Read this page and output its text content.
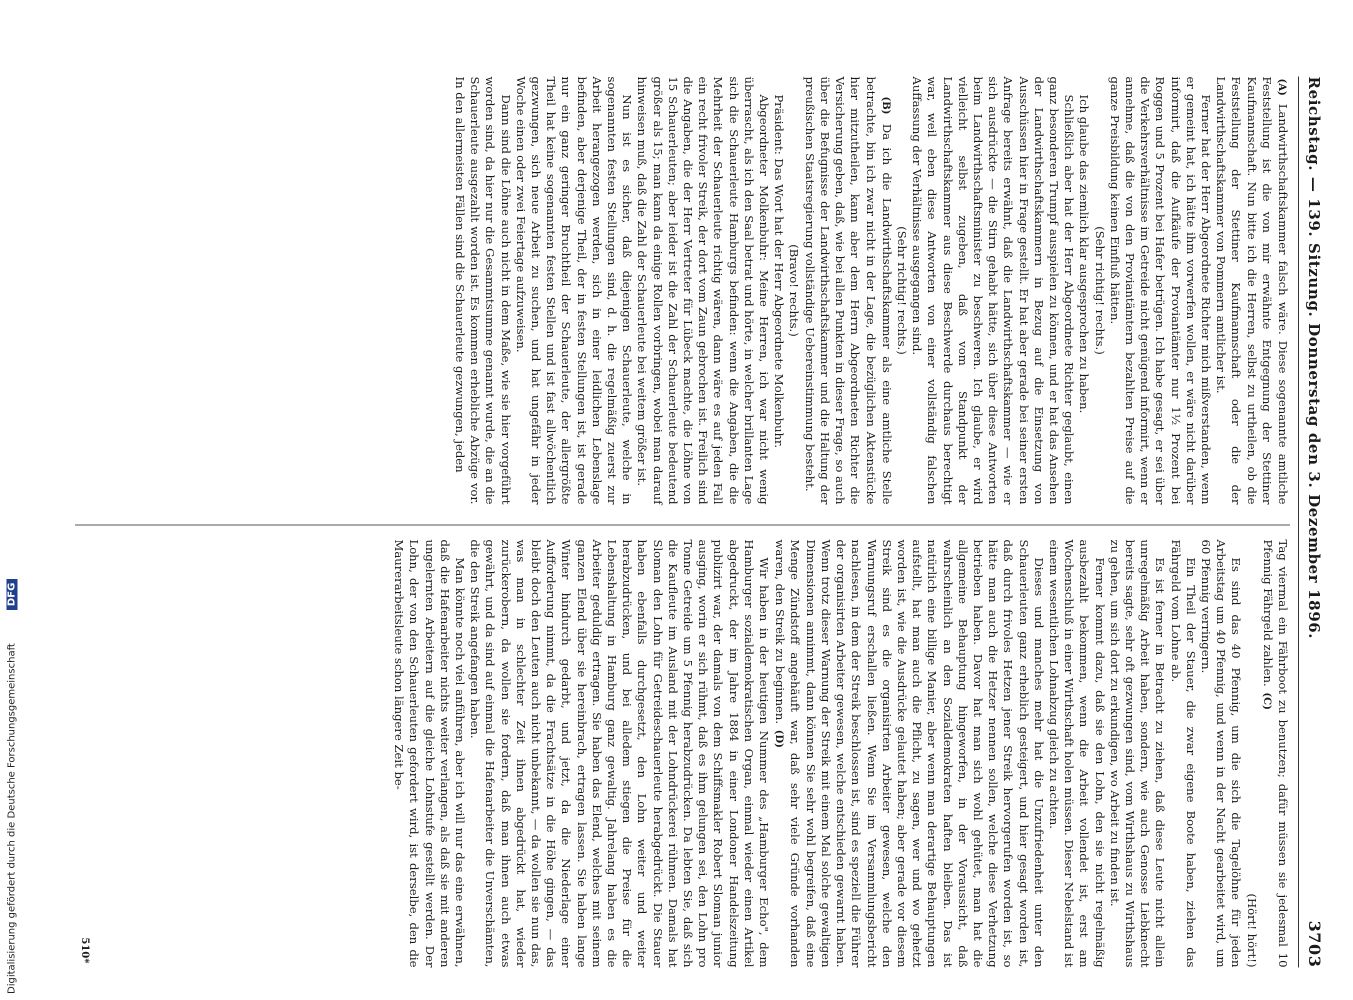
Digitalisierung gefördert durch die Deutsche Forschungsgemeinschaft DFG	Reichstag. — 139. Sitzung. Donnerstag den 3. Dezember 1896.
3703

(A) Landwirthschaftskammer falsch wäre. Diese sogenannte amtliche Feststellung ist die von mir erwähnte Entgegnung der Stettiner Kaufmannschaft. Nun bitte ich die Herren, selbst zu urtheilen, ob die Feststellung der Stettiner Kaufmannschaft oder die der Landwirthschaftskammer von Pommern amtlicher ist.

Ferner hat der Herr Abgeordnete Richter mich mißverstanden, wenn er gemeint hat, ich hätte ihm vorwerfen wollen, er wäre nicht darüber informirt, daß die Aufkäufe der Proviantämter nur 1½ Prozent bei Roggen und 5 Prozent bei Hafer betrügen. Ich habe gesagt, er sei über die Verkehrsverhältnisse im Getreide nicht genügend informirt, wenn er annehme, daß die von den Proviantämtern bezahlten Preise auf die ganze Preisbildung keinen Einfluß hätten.

(Sehr richtig! rechts.)

Ich glaube das ziemlich klar ausgesprochen zu haben.

Schließlich aber hat der Herr Abgeordnete Richter geglaubt, einen ganz besonderen Trumpf ausspielen zu können, und er hat das Ansehen der Landwirthschaftskammern in Bezug auf die Einsetzung von Ausschüssen hier in Frage gestellt. Er hat aber gerade bei seiner ersten Anfrage bereits erwähnt, daß die Landwirthschaftskammer — wie er sich ausdrückte — die Stirn gehabt hätte, sich über diese Antworten beim Landwirthschaftsminister zu beschweren. Ich glaube, er wird vielleicht selbst zugeben, daß vom Standpunkt der Landwirthschaftskammer aus diese Beschwerde durchaus berechtigt war, weil eben diese Antworten von einer vollständig falschen Auffassung der Verhältnisse ausgegangen sind.

(Sehr richtig! rechts.)

(B) Da ich die Landwirthschaftskammer als eine amtliche Stelle betrachte, bin ich zwar nicht in der Lage, die bezüglichen Aktenstücke hier mitzutheilen, kann aber dem Herrn Abgeordneten Richter die Versicherung geben, daß, wie bei allen Punkten in dieser Frage, so auch über die Befugnisse der Landwirthschaftskammer und die Haltung der preußischen Staatsregierung vollständige Uebereinstimmung besteht.

(Bravo! rechts.)

Präsident: Das Wort hat der Herr Abgeordnete Molkenbuhr.

Abgeordneter Molkenbuhr: Meine Herren, ich war nicht wenig überrascht, als ich den Saal betrat und hörte, in welcher brillanten Lage sich die Schauerleute Hamburgs befinden: wenn die Angaben, die die Mehrheit der Schauerleute richtig wären, dann wäre es auf jeden Fall ein recht frivoler Streik, der dort vom Zaun gebrochen ist. Freilich sind die Angaben, die der Herr Vertreter für Lübeck machte, die Löhne von 15 Schauerleuten; aber leider ist die Zahl der Schauerleute bedeutend größer als 15; man kann da einige Rollen vorbringen, wobei man darauf hinweisen muß, daß die Zahl der Schauerleute bei weitem größer ist.

Nun ist es sicher, daß diejenigen Schauerleute, welche in sogenannten festen Stellungen sind, d. h. die regelmäßig zuerst zur Arbeit herangezogen werden, sich in einer leidlichen Lebenslage befinden, aber derjenige Theil, der in festen Stellungen ist, ist gerade nur ein ganz geringer Bruchtheil der Schauerleute, der allergrößte Theil hat keine sogenannten festen Stellen und ist fast allwöchentlich gezwungen, sich neue Arbeit zu suchen, und hat ungefähr in jeder Woche einen oder zwei Feiertage aufzuweisen.

Dann sind die Löhne auch nicht in dem Maße, wie sie hier vorgeführt worden sind, da hier nur die Gesammtsumme genannt wurde, die an die Schauerleute ausgezahlt worden ist. Es kommen erhebliche Abzüge vor. In den allermeisten Fällen sind die Schauerleute gezwungen, jeden

Tag viermal ein Fährboot zu benutzen; dafür müssen sie jedesmal 10 Pfennig Fährgeld zahlen. (C)

(Hört! hört!)

Es sind das 40 Pfennig, um die sich die Tagelöhne für jeden Arbeitstag um 40 Pfennig, und wenn in der Nacht gearbeitet wird, um 60 Pfennig verringern.

Ein Theil der Stauer, die zwar eigene Boote haben, ziehen das Fährgeld vom Lohne ab.

Es ist ferner in Betracht zu ziehen, daß diese Leute nicht allein unregelmäßig Arbeit haben, sondern, wie auch Genosse Liebknecht bereits sagte, sehr oft gezwungen sind, vom Wirthshaus zu Wirthshaus zu gehen, um sich dort zu erkundigen, wo Arbeit zu finden ist.

Ferner kommt dazu, daß sie den Lohn, den sie nicht regelmäßig ausbezahlt bekommen, wenn die Arbeit vollendet ist, erst am Wochenschluß in einer Wirthschaft holen müssen. Dieser Nebelstand ist einem wesentlichen Lohnabzug gleich zu achten.

Dieses und manches mehr hat die Unzufriedenheit unter den Schauerleuten ganz erheblich gesteigert, und hier gesagt worden ist, daß durch frivoles Hetzen jener Streik hervorgerufen worden ist, so hätte man auch die Hetzer nennen sollen, welche diese Verhetzung betrieben haben. Davor hat man sich wohl gehütet, man hat die allgemeine Behauptung hingeworfen, in der Voraussicht, daß wahrscheinlich an den Sozialdemokraten haften bleiben. Das ist natürlich eine billige Manier, aber wenn man derartige Behauptungen aufstellt, hat man auch die Pflicht, zu sagen, wer und wo gehetzt worden ist, wie die Ausdrücke gelautet haben; aber gerade vor diesem Streik sind es die organisirten Arbeiter gewesen, welche den Warnungsruf erschallen ließen. Wenn Sie im Versammlungsbericht nachlesen, in dem der Streik beschlossen ist, sind es speziell die Führer der organisirten Arbeiter gewesen, welche entschieden gewarnt haben. Wenn trotz dieser Warnung der Streik mit einem Mal solche gewaltigen Dimensionen annimmt, dann können Sie sehr wohl begreifen, daß eine Menge Zündstoff angehäuft war, daß sehr viele Gründe vorhanden waren, den Streik zu beginnen. (D)

Wir haben in der heutigen Nummer des „Hamburger Echo", dem Hamburger sozialdemokratischen Organ, einmal wieder einen Artikel abgedruckt, der im Jahre 1884 in einer Londoner Handelszeitung publizirt war, der damals von dem Schiffsmakler Robert Sloman junior ausging, worin er sich rühmt, daß es ihm gelungen sei, den Lohn pro Tonne Getreide um 5 Pfennig herabzudrücken. Da lebten Sie, daß sich die Kaufleute im Ausland mit der Lohndrückerei rühmen. Damals hat Sloman den Lohn für Getreideschauerleute herabgedrückt. Die Stauer haben ebenfalls durchgesetzt, den Lohn weiter und weiter herabzudrücken, und bei alledem stiegen die Preise für die Lebenshaltung in Hamburg ganz gewaltig. Jahrelang haben es die Arbeiter geduldig ertragen. Sie haben das Elend, welches mit seinem ganzen Elend über sie hereinbrach, ertragen lassen. Sie haben lange Winter hindurch gedarbt, und jetzt, da die Niederlage einer Aufforderung nimmt, da die Frachtsätze in die Höhe gingen, — das bleibt doch den Leuten auch nicht unbekannt, — da wollen sie nun das, was man in schlechter Zeit ihnen abgedrückt hat, wieder zurückerobern, da wollen sie fordern, daß man ihnen auch etwas gewährt, und da sind auf einmal die Hafenarbeiter die Unverschämten, die den Streik angefangen haben.

Man könnte noch viel anführen, aber ich will nur das eine erwähnen, daß die Hafenarbeiter nichts weiter verlangen, als daß sie mit anderen ungelernten Arbeitern auf die gleiche Lohnstufe gestellt werden. Der Lohn, der von den Schauerleuten gefordert wird, ist derselbe, den die Maurerarbeitsleute schon längere Zeit be-

510*
